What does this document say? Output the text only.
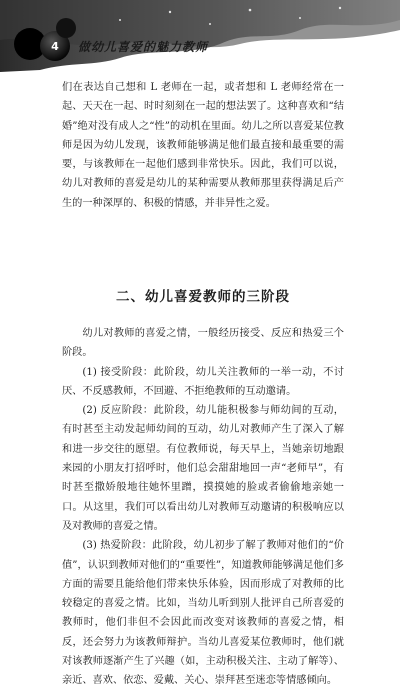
4	做幼儿喜爱的魅力教师

们在表达自己想和 L 老师在一起，或者想和 L 老师经常在一起、天天在一起、时时刻刻在一起的想法罢了。这种喜欢和“结婚”绝对没有成人之“性”的动机在里面。幼儿之所以喜爱某位教师是因为幼儿发现，该教师能够满足他们最直接和最重要的需要，与该教师在一起他们感到非常快乐。因此，我们可以说，幼儿对教师的喜爱是幼儿的某种需要从教师那里获得满足后产生的一种深厚的、积极的情感，并非异性之爱。

二、幼儿喜爱教师的三阶段

幼儿对教师的喜爱之情，一般经历接受、反应和热爱三个阶段。

(1) 接受阶段：此阶段，幼儿关注教师的一举一动，不讨厌、不反感教师，不回避、不拒绝教师的互动邀请。

(2) 反应阶段：此阶段，幼儿能积极参与师幼间的互动，有时甚至主动发起师幼间的互动，幼儿对教师产生了深入了解和进一步交往的愿望。有位教师说，每天早上，当她亲切地跟来园的小朋友打招呼时，他们总会甜甜地回一声“老师早”，有时甚至撒娇般地往她怀里蹭，摸摸她的脸或者偷偷地亲她一口。从这里，我们可以看出幼儿对教师互动邀请的积极响应以及对教师的喜爱之情。

(3) 热爱阶段：此阶段，幼儿初步了解了教师对他们的“价值”，认识到教师对他们的“重要性”，知道教师能够满足他们多方面的需要且能给他们带来快乐体验，因而形成了对教师的比较稳定的喜爱之情。比如，当幼儿听到别人批评自己所喜爱的教师时，他们非但不会因此而改变对该教师的喜爱之情，相反，还会努力为该教师辩护。当幼儿喜爱某位教师时，他们就对该教师逐渐产生了兴趣（如，主动积极关注、主动了解等）、亲近、喜欢、依恋、爱戴、关心、崇拜甚至迷恋等情感倾向。
